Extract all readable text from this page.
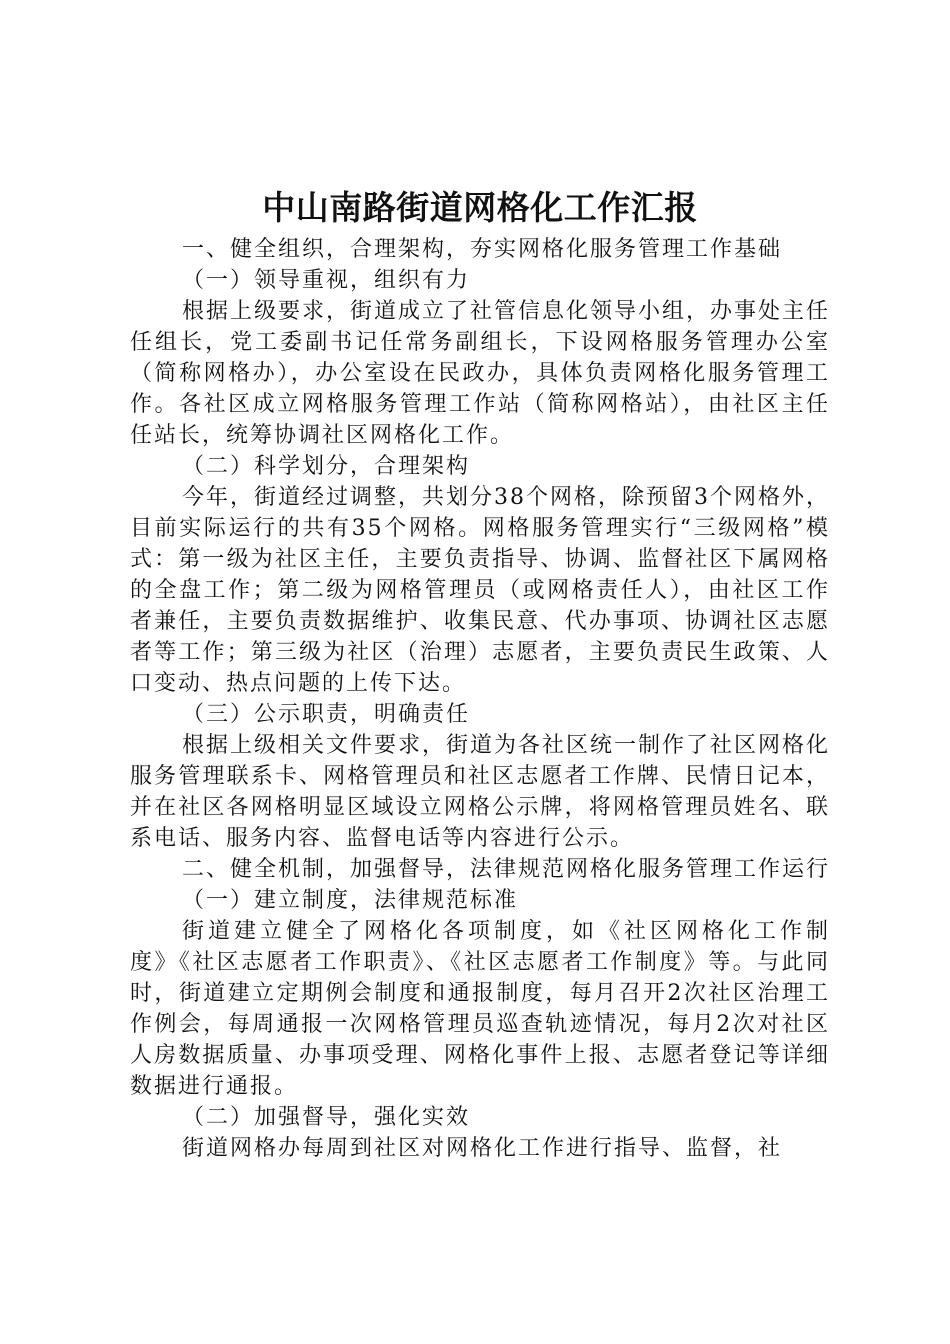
中山南路街道网格化工作汇报

一、健全组织，合理架构，夯实网格化服务管理工作基础

（一）领导重视，组织有力

根据上级要求，街道成立了社管信息化领导小组，办事处主任任组长，党工委副书记任常务副组长，下设网格服务管理办公室（简称网格办），办公室设在民政办，具体负责网格化服务管理工作。各社区成立网格服务管理工作站（简称网格站），由社区主任任站长，统筹协调社区网格化工作。

（二）科学划分，合理架构

今年，街道经过调整，共划分38个网格，除预留3个网格外，目前实际运行的共有35个网格。网格服务管理实行“三级网格”模式：第一级为社区主任，主要负责指导、协调、监督社区下属网格的全盘工作；第二级为网格管理员（或网格责任人），由社区工作者兼任，主要负责数据维护、收集民意、代办事项、协调社区志愿者等工作；第三级为社区（治理）志愿者，主要负责民生政策、人口变动、热点问题的上传下达。

（三）公示职责，明确责任

根据上级相关文件要求，街道为各社区统一制作了社区网格化服务管理联系卡、网格管理员和社区志愿者工作牌、民情日记本，并在社区各网格明显区域设立网格公示牌，将网格管理员姓名、联系电话、服务内容、监督电话等内容进行公示。

二、健全机制，加强督导，法律规范网格化服务管理工作运行

（一）建立制度，法律规范标准

街道建立健全了网格化各项制度，如《社区网格化工作制度》《社区志愿者工作职责》、《社区志愿者工作制度》等。与此同时，街道建立定期例会制度和通报制度，每月召开2次社区治理工作例会，每周通报一次网格管理员巡查轨迹情况，每月2次对社区人房数据质量、办事项受理、网格化事件上报、志愿者登记等详细数据进行通报。

（二）加强督导，强化实效

街道网格办每周到社区对网格化工作进行指导、监督，社
